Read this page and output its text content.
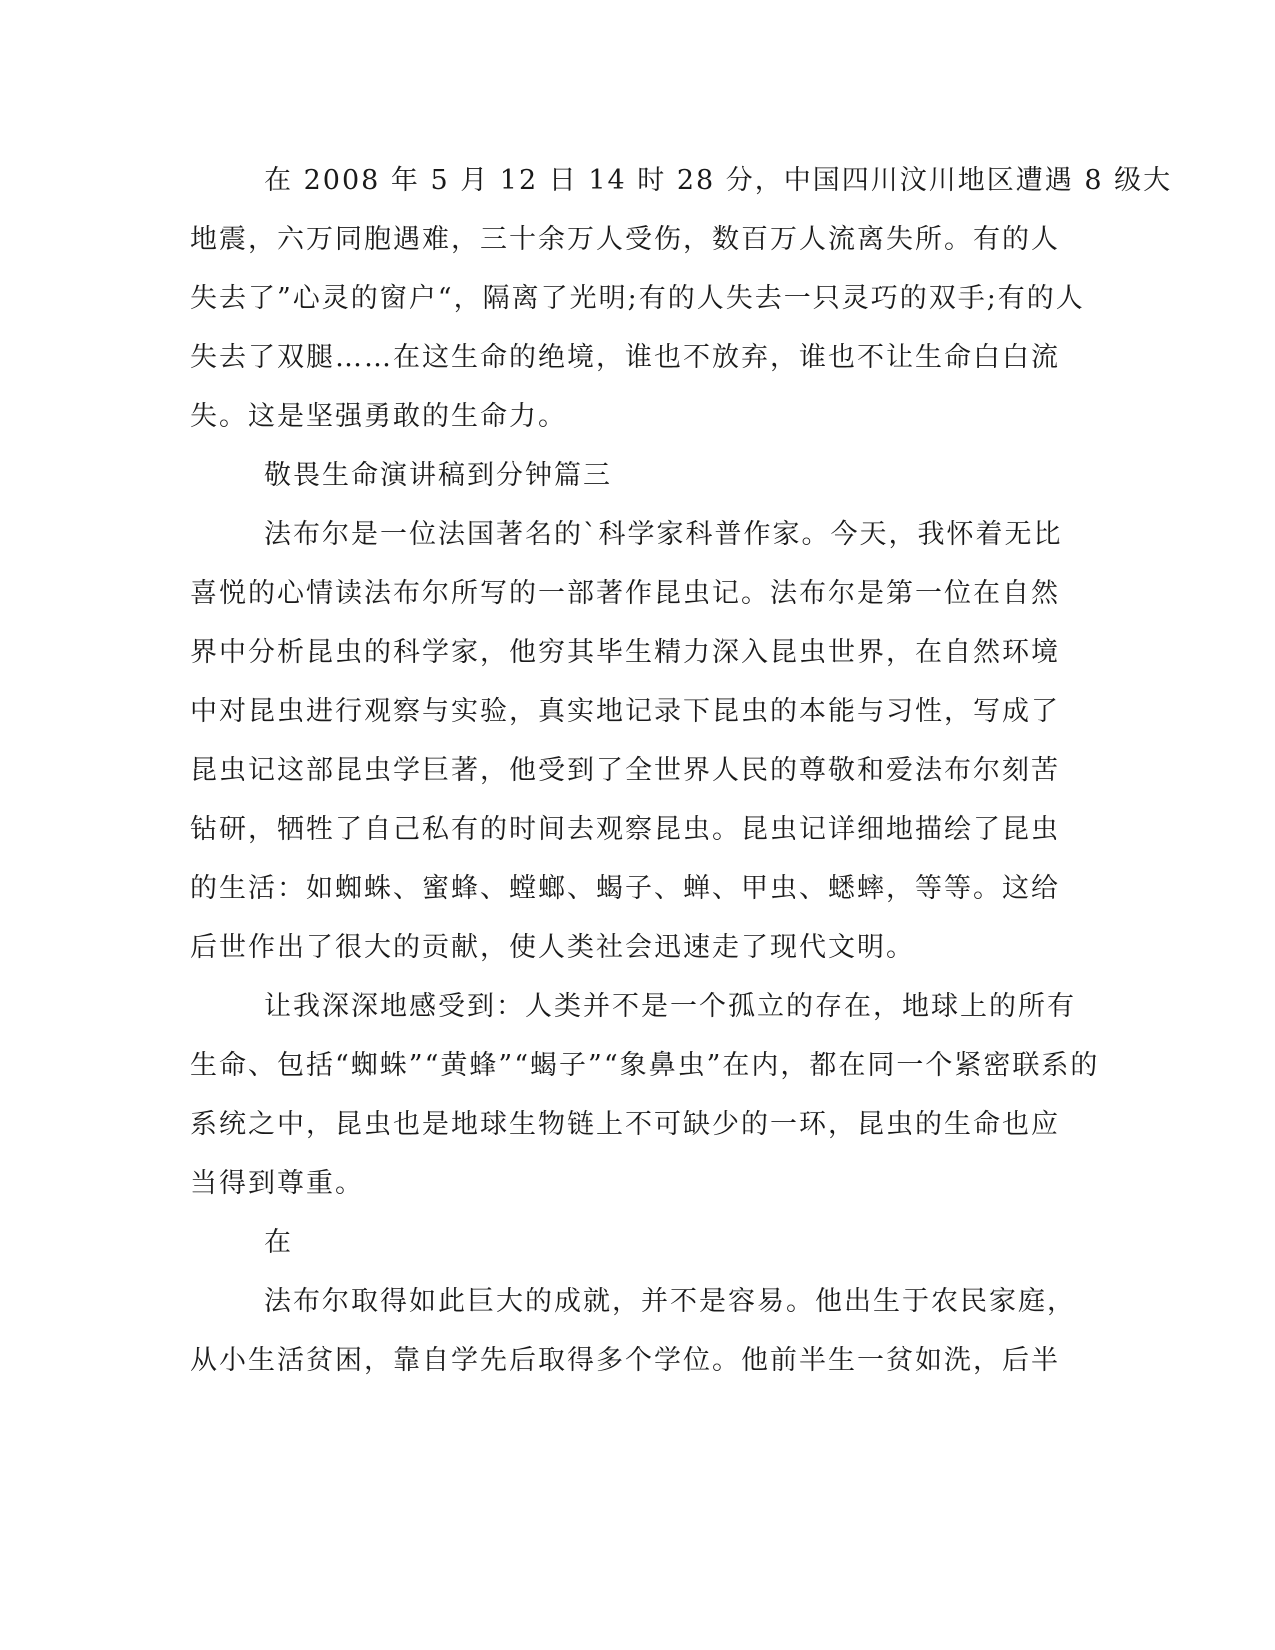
在 2008 年 5 月 12 日 14 时 28 分，中国四川汶川地区遭遇 8 级大
地震，六万同胞遇难，三十余万人受伤，数百万人流离失所。有的人
失去了”心灵的窗户“，隔离了光明;有的人失去一只灵巧的双手;有的人
失去了双腿……在这生命的绝境，谁也不放弃，谁也不让生命白白流
失。这是坚强勇敢的生命力。
敬畏生命演讲稿到分钟篇三
法布尔是一位法国著名的`科学家科普作家。今天，我怀着无比
喜悦的心情读法布尔所写的一部著作昆虫记。法布尔是第一位在自然
界中分析昆虫的科学家，他穷其毕生精力深入昆虫世界，在自然环境
中对昆虫进行观察与实验，真实地记录下昆虫的本能与习性，写成了
昆虫记这部昆虫学巨著，他受到了全世界人民的尊敬和爱法布尔刻苦
钻研，牺牲了自己私有的时间去观察昆虫。昆虫记详细地描绘了昆虫
的生活：如蜘蛛、蜜蜂、螳螂、蝎子、蝉、甲虫、蟋蟀，等等。这给
后世作出了很大的贡献，使人类社会迅速走了现代文明。
让我深深地感受到：人类并不是一个孤立的存在，地球上的所有
生命、包括“蜘蛛”“黄蜂”“蝎子”“象鼻虫”在内，都在同一个紧密联系的
系统之中，昆虫也是地球生物链上不可缺少的一环，昆虫的生命也应
当得到尊重。
在
法布尔取得如此巨大的成就，并不是容易。他出生于农民家庭，
从小生活贫困，靠自学先后取得多个学位。他前半生一贫如洗，后半
